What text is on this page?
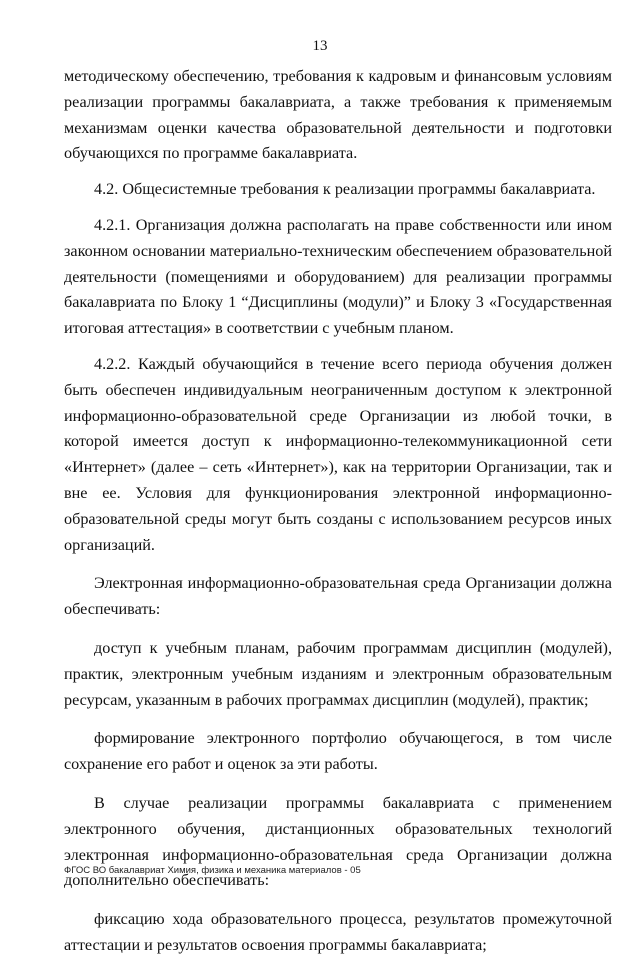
13

методическому обеспечению, требования к кадровым и финансовым условиям реализации программы бакалавриата, а также требования к применяемым механизмам оценки качества образовательной деятельности и подготовки обучающихся по программе бакалавриата.

4.2. Общесистемные требования к реализации программы бакалавриата.

4.2.1. Организация должна располагать на праве собственности или ином законном основании материально-техническим обеспечением образовательной деятельности (помещениями и оборудованием) для реализации программы бакалавриата по Блоку 1 “Дисциплины (модули)” и Блоку 3 «Государственная итоговая аттестация» в соответствии с учебным планом.

4.2.2. Каждый обучающийся в течение всего периода обучения должен быть обеспечен индивидуальным неограниченным доступом к электронной информационно-образовательной среде Организации из любой точки, в которой имеется доступ к информационно-телекоммуникационной сети «Интернет» (далее – сеть «Интернет»), как на территории Организации, так и вне ее. Условия для функционирования электронной информационно-образовательной среды могут быть созданы с использованием ресурсов иных организаций.

Электронная информационно-образовательная среда Организации должна обеспечивать:

доступ к учебным планам, рабочим программам дисциплин (модулей), практик, электронным учебным изданиям и электронным образовательным ресурсам, указанным в рабочих программах дисциплин (модулей), практик;

формирование электронного портфолио обучающегося, в том числе сохранение его работ и оценок за эти работы.

В случае реализации программы бакалавриата с применением электронного обучения, дистанционных образовательных технологий электронная информационно-образовательная среда Организации должна дополнительно обеспечивать:

фиксацию хода образовательного процесса, результатов промежуточной аттестации и результатов освоения программы бакалавриата;

ФГОС ВО бакалавриат Химия, физика и механика материалов - 05
